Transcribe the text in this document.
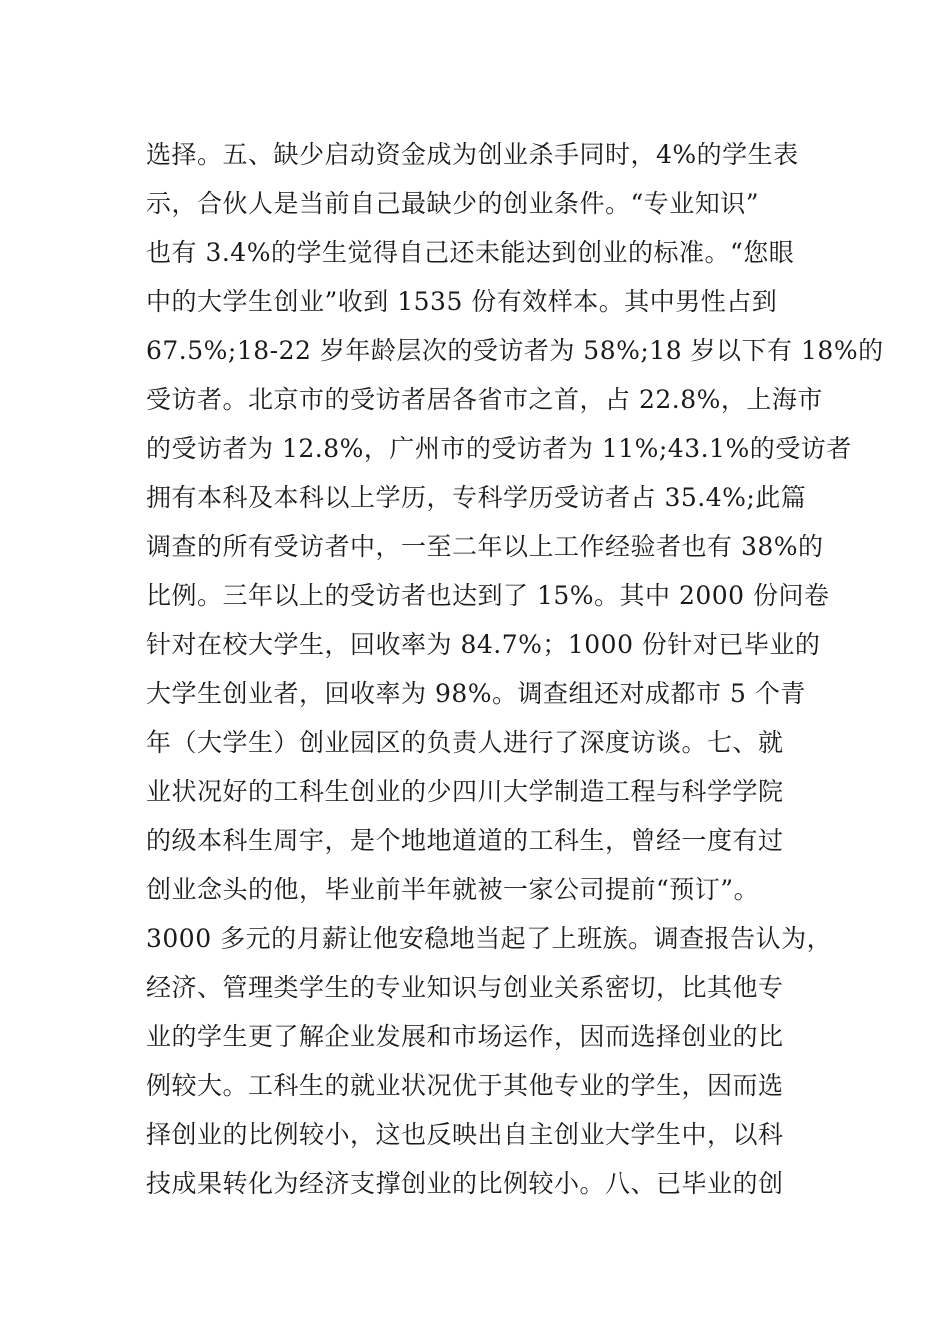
选择。五、缺少启动资金成为创业杀手同时，4%的学生表
示，合伙人是当前自己最缺少的创业条件。“专业知识”
也有 3.4%的学生觉得自己还未能达到创业的标准。“您眼
中的大学生创业”收到 1535 份有效样本。其中男性占到
67.5%;18-22 岁年龄层次的受访者为 58%;18 岁以下有 18%的
受访者。北京市的受访者居各省市之首，占 22.8%，上海市
的受访者为 12.8%，广州市的受访者为 11%;43.1%的受访者
拥有本科及本科以上学历，专科学历受访者占 35.4%;此篇
调查的所有受访者中，一至二年以上工作经验者也有 38%的
比例。三年以上的受访者也达到了 15%。其中 2000 份问卷
针对在校大学生，回收率为 84.7%；1000 份针对已毕业的
大学生创业者，回收率为 98%。调查组还对成都市 5 个青
年（大学生）创业园区的负责人进行了深度访谈。七、就
业状况好的工科生创业的少四川大学制造工程与科学学院
的级本科生周宇，是个地地道道的工科生，曾经一度有过
创业念头的他，毕业前半年就被一家公司提前“预订”。
3000 多元的月薪让他安稳地当起了上班族。调查报告认为，
经济、管理类学生的专业知识与创业关系密切，比其他专
业的学生更了解企业发展和市场运作，因而选择创业的比
例较大。工科生的就业状况优于其他专业的学生，因而选
择创业的比例较小，这也反映出自主创业大学生中，以科
技成果转化为经济支撑创业的比例较小。八、已毕业的创
